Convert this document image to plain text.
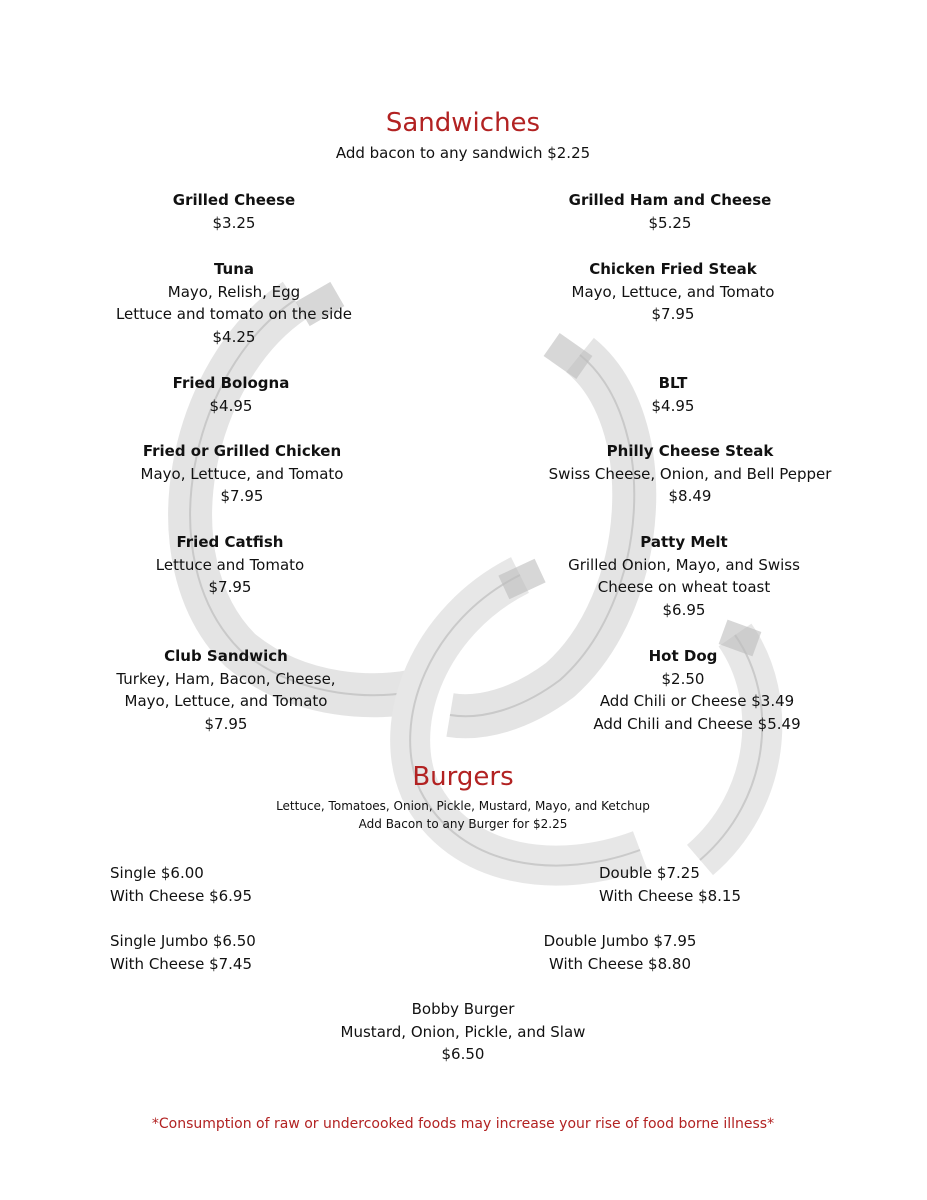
Sandwiches
Add bacon to any sandwich $2.25
Grilled Cheese
$3.25
Tuna
Mayo, Relish, Egg
Lettuce and tomato on the side
$4.25
Fried Bologna
$4.95
Fried or Grilled Chicken
Mayo, Lettuce, and Tomato
$7.95
Fried Catfish
Lettuce and Tomato
$7.95
Club Sandwich
Turkey, Ham, Bacon, Cheese,
Mayo, Lettuce, and Tomato
$7.95
Grilled Ham and Cheese
$5.25
Chicken Fried Steak
Mayo, Lettuce, and Tomato
$7.95
BLT
$4.95
Philly Cheese Steak
Swiss Cheese, Onion, and Bell Pepper
$8.49
Patty Melt
Grilled Onion, Mayo, and Swiss
Cheese on wheat toast
$6.95
Hot Dog
$2.50
Add Chili or Cheese $3.49
Add Chili and Cheese $5.49
Burgers
Lettuce, Tomatoes, Onion, Pickle, Mustard, Mayo, and Ketchup
Add Bacon to any Burger for $2.25
Single $6.00
With Cheese $6.95
Double $7.25
With Cheese $8.15
Single Jumbo $6.50
With Cheese $7.45
Double Jumbo $7.95
With Cheese $8.80
Bobby Burger
Mustard, Onion, Pickle, and Slaw
$6.50
*Consumption of raw or undercooked foods may increase your rise of food borne illness*
